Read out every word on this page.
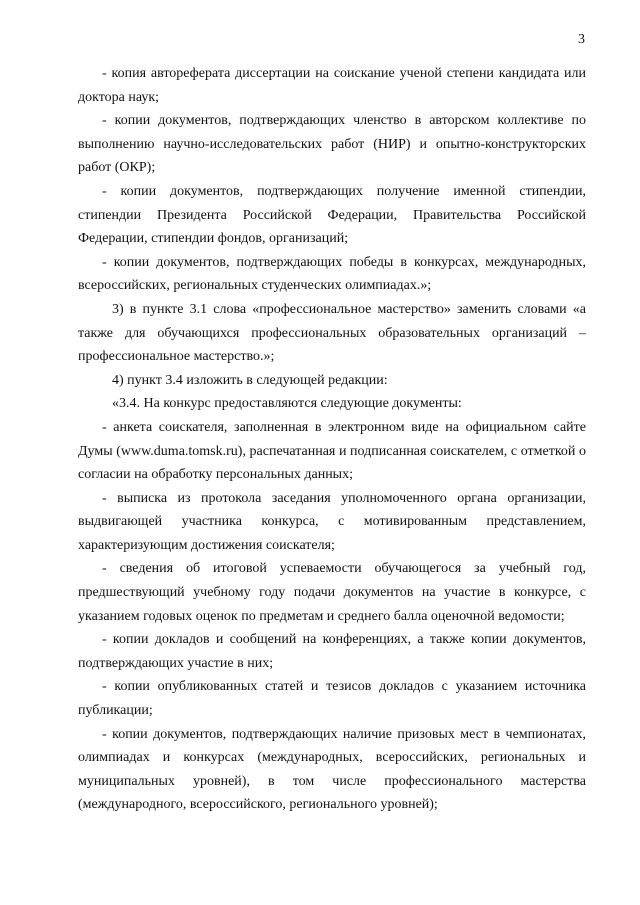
3

- копия автореферата диссертации на соискание ученой степени кандидата или доктора наук;

- копии документов, подтверждающих членство в авторском коллективе по выполнению научно-исследовательских работ (НИР) и опытно-конструкторских работ (ОКР);

- копии документов, подтверждающих получение именной стипендии, стипендии Президента Российской Федерации, Правительства Российской Федерации, стипендии фондов, организаций;

- копии документов, подтверждающих победы в конкурсах, международных, всероссийских, региональных студенческих олимпиадах.»;

3) в пункте 3.1 слова «профессиональное мастерство» заменить словами «а также для обучающихся профессиональных образовательных организаций – профессиональное мастерство.»;

4) пункт 3.4 изложить в следующей редакции:

«3.4. На конкурс предоставляются следующие документы:

- анкета соискателя, заполненная в электронном виде на официальном сайте Думы (www.duma.tomsk.ru), распечатанная и подписанная соискателем, с отметкой о согласии на обработку персональных данных;

- выписка из протокола заседания уполномоченного органа организации, выдвигающей участника конкурса, с мотивированным представлением, характеризующим достижения соискателя;

- сведения об итоговой успеваемости обучающегося за учебный год, предшествующий учебному году подачи документов на участие в конкурсе, с указанием годовых оценок по предметам и среднего балла оценочной ведомости;

- копии докладов и сообщений на конференциях, а также копии документов, подтверждающих участие в них;

- копии опубликованных статей и тезисов докладов с указанием источника публикации;

- копии документов, подтверждающих наличие призовых мест в чемпионатах, олимпиадах и конкурсах (международных, всероссийских, региональных и муниципальных уровней), в том числе профессионального мастерства (международного, всероссийского, регионального уровней);
